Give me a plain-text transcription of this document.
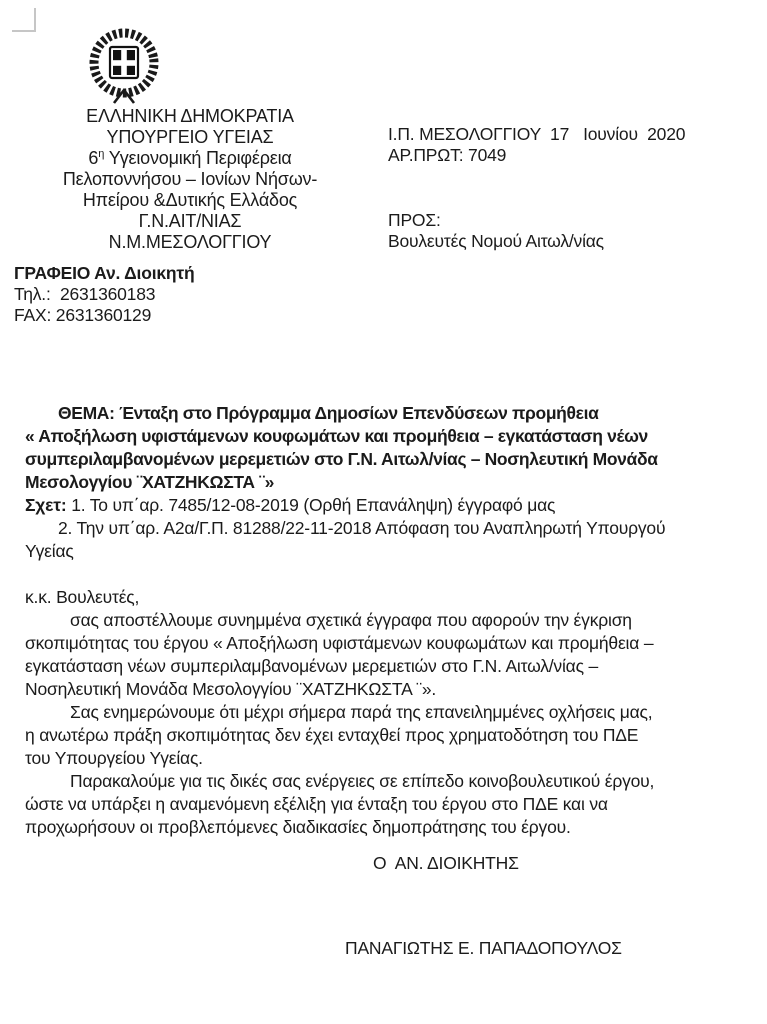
ΕΛΛΗΝΙΚΗ ΔΗΜΟΚΡΑΤΙΑ
ΥΠΟΥΡΓΕΙΟ ΥΓΕΙΑΣ
$6^\eta$ Υγειονομική Περιφέρεια
Πελοποννήσου – Ιονίων Νήσων-
Ηπείρου &Δυτικής Ελλάδος
Γ.Ν.ΑΙΤ/ΝΙΑΣ
Ν.Μ.ΜΕΣΟΛΟΓΓΙΟΥ
Ι.Π. ΜΕΣΟΛΟΓΓΙΟΥ  17   Ιουνίου  2020
ΑΡ.ΠΡΩΤ: 7049
ΠΡΟΣ:
Βουλευτές Νομού Αιτωλ/νίας
ΓΡΑΦΕΙΟ Αν. Διοικητή
Τηλ.:  2631360183
FAX: 2631360129
ΘΕΜΑ: Ένταξη στο Πρόγραμμα Δημοσίων Επενδύσεων προμήθεια
« Αποξήλωση υφιστάμενων κουφωμάτων και προμήθεια – εγκατάσταση νέων
συμπεριλαμβανομένων μερεμετιών στο Γ.Ν. Αιτωλ/νίας – Νοσηλευτική Μονάδα
Μεσολογγίου ¨ΧΑΤΖΗΚΩΣΤΑ ¨»
Σχετ: 1. Το υπ΄αρ. 7485/12-08-2019 (Ορθή Επανάληψη) έγγραφό μας
2. Την υπ΄αρ. Α2α/Γ.Π. 81288/22-11-2018 Απόφαση του Αναπληρωτή Υπουργού
Υγείας
κ.κ. Βουλευτές,
σας αποστέλλουμε συνημμένα σχετικά έγγραφα που αφορούν την έγκριση
σκοπιμότητας του έργου « Αποξήλωση υφιστάμενων κουφωμάτων και προμήθεια –
εγκατάσταση νέων συμπεριλαμβανομένων μερεμετιών στο Γ.Ν. Αιτωλ/νίας –
Νοσηλευτική Μονάδα Μεσολογγίου ¨ΧΑΤΖΗΚΩΣΤΑ ¨».
Σας ενημερώνουμε ότι μέχρι σήμερα παρά της επανειλημμένες οχλήσεις μας,
η ανωτέρω πράξη σκοπιμότητας δεν έχει ενταχθεί προς χρηματοδότηση του ΠΔΕ
του Υπουργείου Υγείας.
Παρακαλούμε για τις δικές σας ενέργειες σε επίπεδο κοινοβουλευτικού έργου,
ώστε να υπάρξει η αναμενόμενη εξέλιξη για ένταξη του έργου στο ΠΔΕ και να
προχωρήσουν οι προβλεπόμενες διαδικασίες δημοπράτησης του έργου.
Ο  ΑΝ. ΔΙΟΙΚΗΤΗΣ
ΠΑΝΑΓΙΩΤΗΣ Ε. ΠΑΠΑΔΟΠΟΥΛΟΣ
